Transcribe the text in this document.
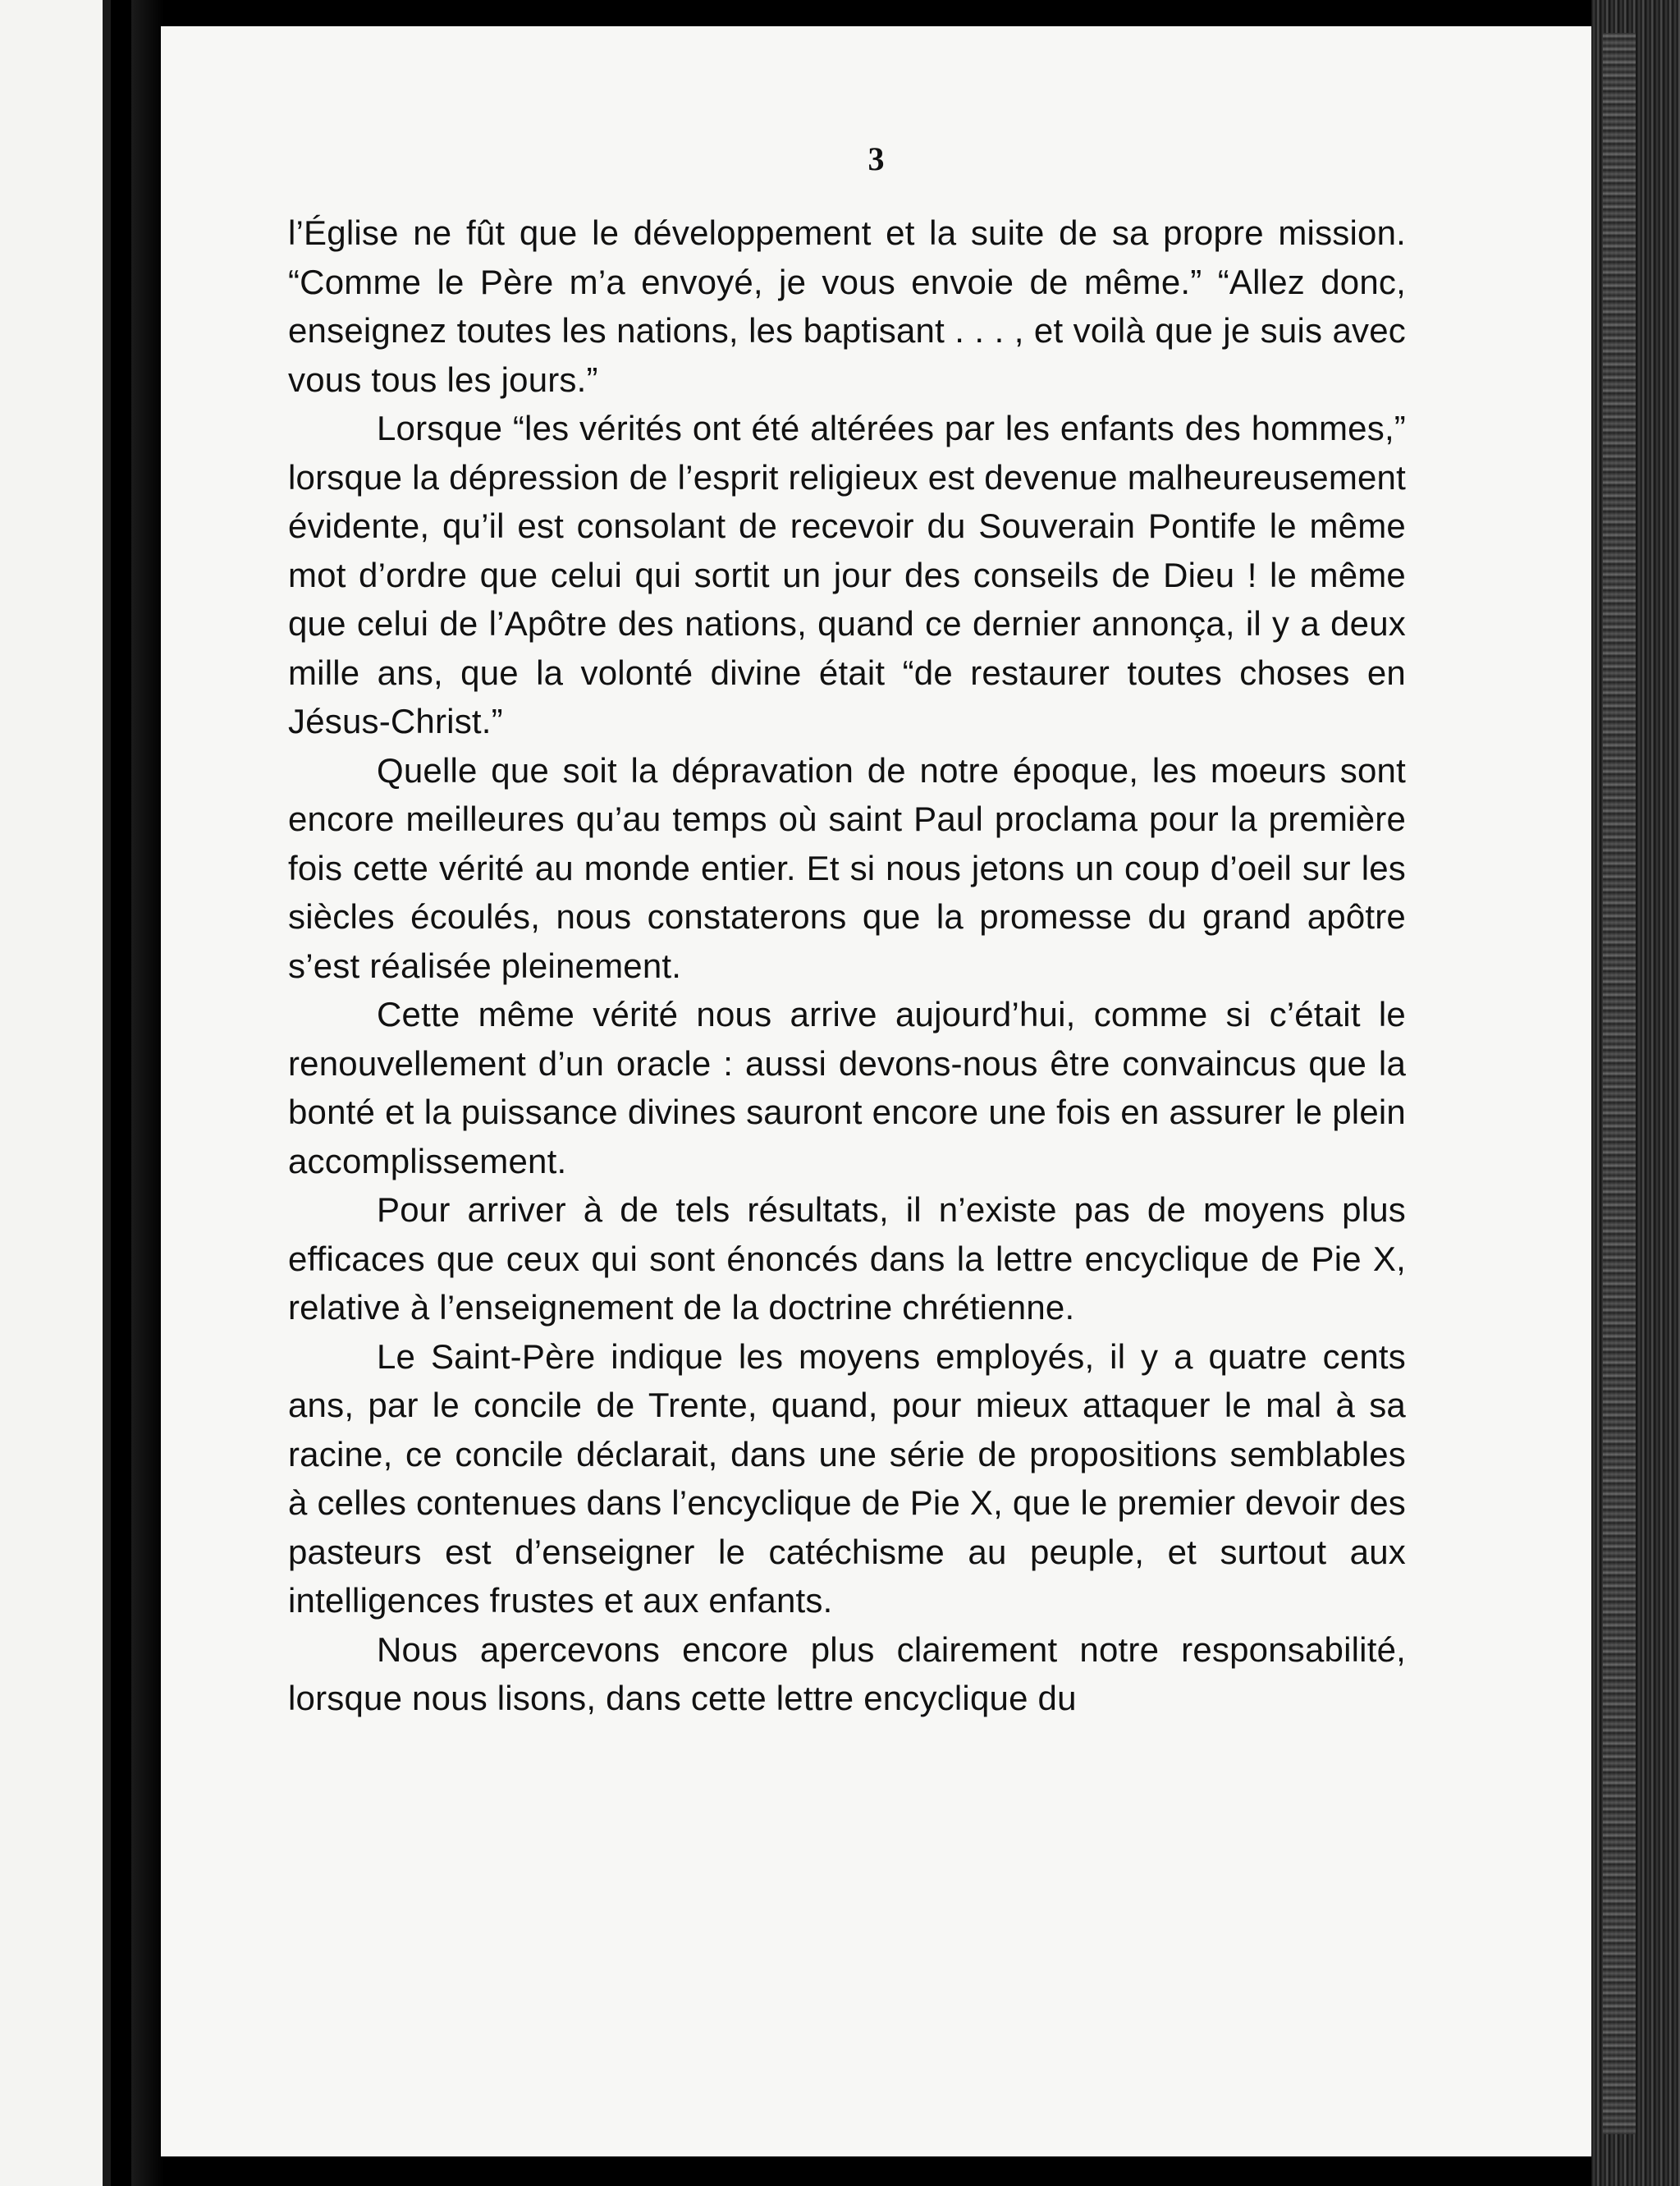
3

l’Église ne fût que le développement et la suite de sa propre mission. “Comme le Père m’a envoyé, je vous envoie de même.” “Allez donc, enseignez toutes les nations, les baptisant . . . , et voilà que je suis avec vous tous les jours.”

Lorsque “les vérités ont été altérées par les enfants des hommes,” lorsque la dépression de l’esprit religieux est devenue malheureusement évidente, qu’il est consolant de recevoir du Souverain Pontife le même mot d’ordre que celui qui sortit un jour des conseils de Dieu ! le même que celui de l’Apôtre des nations, quand ce dernier annonça, il y a deux mille ans, que la volonté divine était “de restaurer toutes choses en Jésus-Christ.”

Quelle que soit la dépravation de notre époque, les moeurs sont encore meilleures qu’au temps où saint Paul proclama pour la première fois cette vérité au monde entier. Et si nous jetons un coup d’oeil sur les siècles écoulés, nous constaterons que la promesse du grand apôtre s’est réalisée pleinement.

Cette même vérité nous arrive aujourd’hui, comme si c’était le renouvellement d’un oracle : aussi devons-nous être convaincus que la bonté et la puissance divines sauront encore une fois en assurer le plein accomplissement.

Pour arriver à de tels résultats, il n’existe pas de moyens plus efficaces que ceux qui sont énoncés dans la lettre encyclique de Pie X, relative à l’enseignement de la doctrine chrétienne.

Le Saint-Père indique les moyens employés, il y a quatre cents ans, par le concile de Trente, quand, pour mieux attaquer le mal à sa racine, ce concile déclarait, dans une série de propositions semblables à celles contenues dans l’encyclique de Pie X, que le premier devoir des pasteurs est d’enseigner le catéchisme au peuple, et surtout aux intelligences frustes et aux enfants.

Nous apercevons encore plus clairement notre responsabilité, lorsque nous lisons, dans cette lettre encyclique du
